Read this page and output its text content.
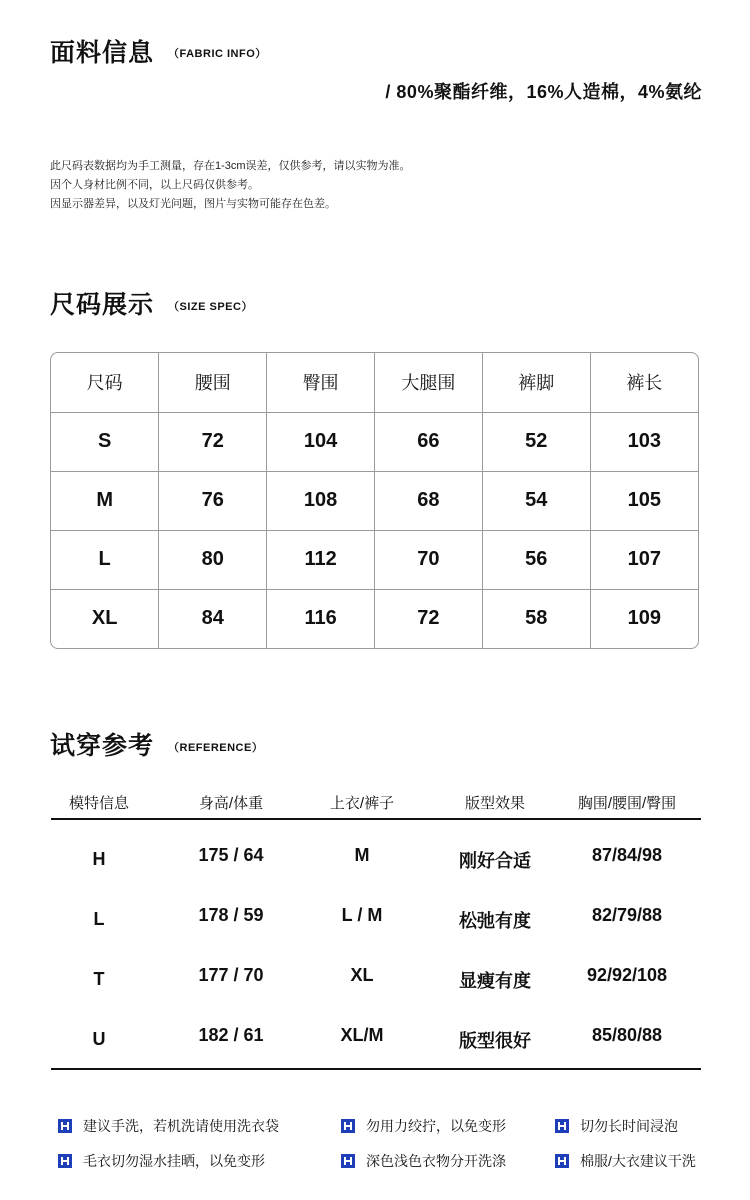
面料信息 （FABRIC INFO）
/ 80%聚酯纤维，16%人造棉，4%氨纶
此尺码表数据均为手工测量，存在1-3cm误差，仅供参考，请以实物为准。
因个人身材比例不同，以上尺码仅供参考。
因显示器差异，以及灯光问题，图片与实物可能存在色差。
尺码展示 （SIZE SPEC）
尺码	腰围	臀围	大腿围	裤脚	裤长
S	72	104	66	52	103
M	76	108	68	54	105
L	80	112	70	56	107
XL	84	116	72	58	109
试穿参考 （REFERENCE）
模特信息	身高/体重	上衣/裤子	版型效果	胸围/腰围/臀围
H	175 / 64	M	刚好合适	87/84/98
L	178 / 59	L / M	松弛有度	82/79/88
T	177 / 70	XL	显瘦有度	92/92/108
U	182 / 61	XL/M	版型很好	85/80/88
建议手洗，若机洗请使用洗衣袋	勿用力绞拧，以免变形	切勿长时间浸泡
毛衣切勿湿水挂晒，以免变形	深色浅色衣物分开洗涤	棉服/大衣建议干洗
